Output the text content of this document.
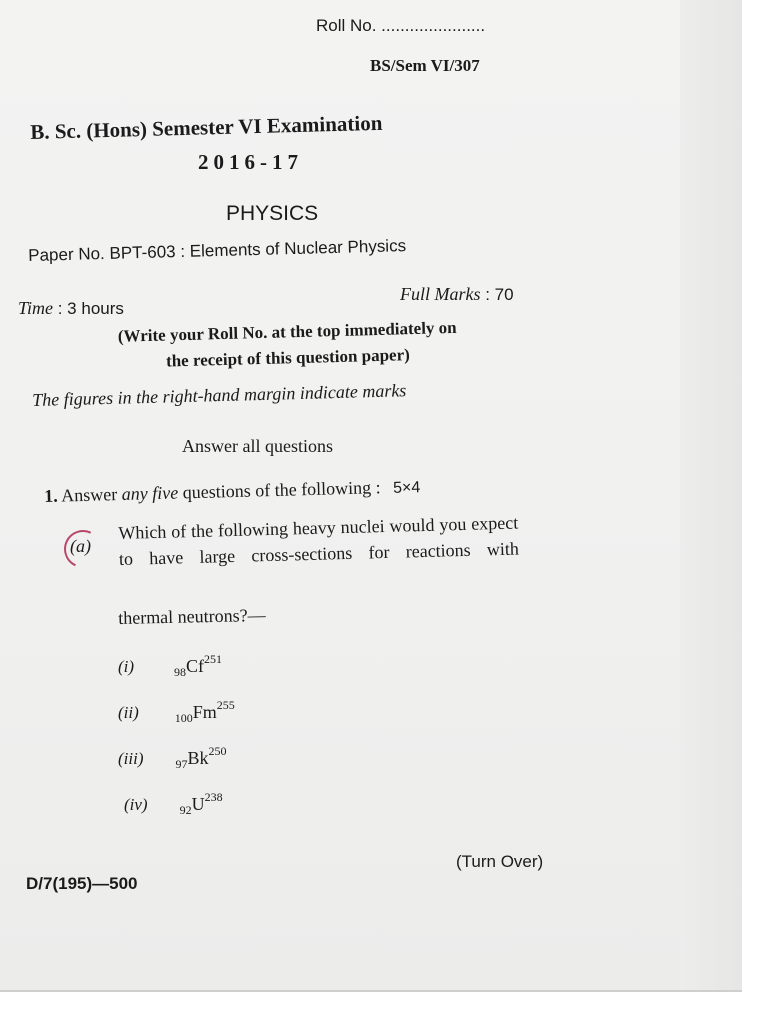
Roll No. ......................
BS/Sem VI/307
B. Sc. (Hons) Semester VI Examination
2016-17
PHYSICS
Paper No. BPT-603 : Elements of Nuclear Physics
Time : 3 hours
Full Marks : 70
(Write your Roll No. at the top immediately on
the receipt of this question paper)
The figures in the right-hand margin indicate marks
Answer all questions
1. Answer any five questions of the following : 5×4
(a)
Which of the following heavy nuclei would you expect to have large cross-sections for reactions with
thermal neutrons?—
(i)	$_{98}Cf^{251}$
(ii)	$_{100}Fm^{255}$
(iii)	$_{97}Bk^{250}$
(iv)	$_{92}U^{238}$
(Turn Over)
D/7(195)—500
